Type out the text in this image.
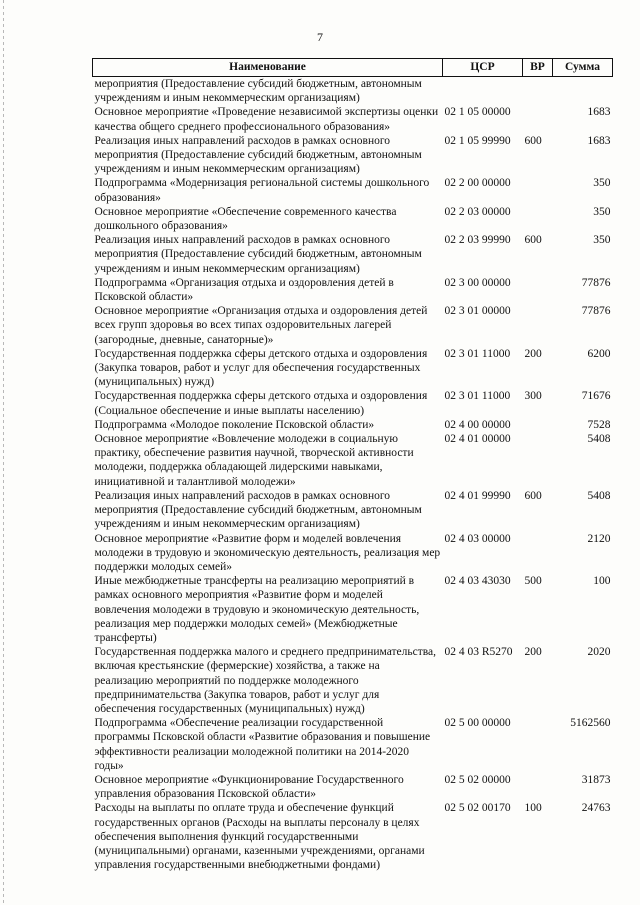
7
Наименование	ЦСР	ВР	Сумма
мероприятия (Предоставление субсидий бюджетным, автономным учреждениям и иным некоммерческим организациям)			
Основное мероприятие «Проведение независимой экспертизы оценки качества общего среднего профессионального образования»	02 1 05 00000		1683
Реализация иных направлений расходов в рамках основного мероприятия (Предоставление субсидий бюджетным, автономным учреждениям и иным некоммерческим организациям)	02 1 05 99990	600	1683
Подпрограмма «Модернизация региональной системы дошкольного образования»	02 2 00 00000		350
Основное мероприятие «Обеспечение современного качества дошкольного образования»	02 2 03 00000		350
Реализация иных направлений расходов в рамках основного мероприятия (Предоставление субсидий бюджетным, автономным учреждениям и иным некоммерческим организациям)	02 2 03 99990	600	350
Подпрограмма «Организация отдыха и оздоровления детей в Псковской области»	02 3 00 00000		77876
Основное мероприятие «Организация отдыха и оздоровления детей всех групп здоровья во всех типах оздоровительных лагерей (загородные, дневные, санаторные)»	02 3 01 00000		77876
Государственная поддержка сферы детского отдыха и оздоровления (Закупка товаров, работ и услуг для обеспечения государственных (муниципальных) нужд)	02 3 01 11000	200	6200
Государственная поддержка сферы детского отдыха и оздоровления (Социальное обеспечение и иные выплаты населению)	02 3 01 11000	300	71676
Подпрограмма «Молодое поколение Псковской области»	02 4 00 00000		7528
Основное мероприятие «Вовлечение молодежи в социальную практику, обеспечение развития научной, творческой активности молодежи, поддержка обладающей лидерскими навыками, инициативной и талантливой молодежи»	02 4 01 00000		5408
Реализация иных направлений расходов в рамках основного мероприятия (Предоставление субсидий бюджетным, автономным учреждениям и иным некоммерческим организациям)	02 4 01 99990	600	5408
Основное мероприятие «Развитие форм и моделей вовлечения молодежи в трудовую и экономическую деятельность, реализация мер поддержки молодых семей»	02 4 03 00000		2120
Иные межбюджетные трансферты на реализацию мероприятий в рамках основного мероприятия «Развитие форм и моделей вовлечения молодежи в трудовую и экономическую деятельность, реализация мер поддержки молодых семей» (Межбюджетные трансферты)	02 4 03 43030	500	100
Государственная поддержка малого и среднего предпринимательства, включая крестьянские (фермерские) хозяйства, а также на реализацию мероприятий по поддержке молодежного предпринимательства (Закупка товаров, работ и услуг для обеспечения государственных (муниципальных) нужд)	02 4 03 R5270	200	2020
Подпрограмма «Обеспечение реализации государственной программы Псковской области «Развитие образования и повышение эффективности реализации молодежной политики на 2014-2020 годы»	02 5 00 00000		5162560
Основное мероприятие «Функционирование Государственного управления образования Псковской области»	02 5 02 00000		31873
Расходы на выплаты по оплате труда и обеспечение функций государственных органов (Расходы на выплаты персоналу в целях обеспечения выполнения функций государственными (муниципальными) органами, казенными учреждениями, органами управления государственными внебюджетными фондами)	02 5 02 00170	100	24763
